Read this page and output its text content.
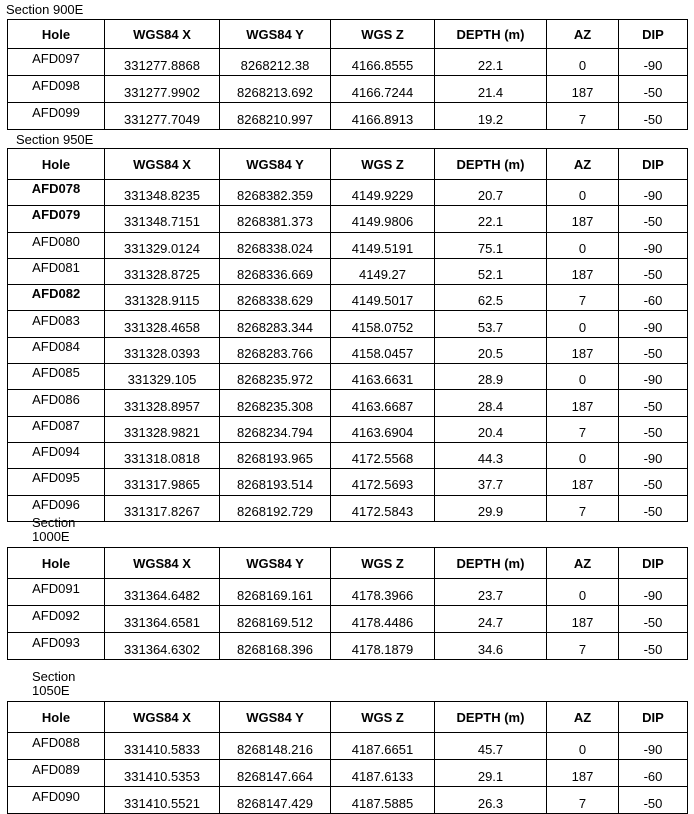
Section 900E
Hole	WGS84 X	WGS84 Y	WGS Z	DEPTH (m)	AZ	DIP
AFD097	331277.8868	8268212.38	4166.8555	22.1	0	-90
AFD098	331277.9902	8268213.692	4166.7244	21.4	187	-50
AFD099	331277.7049	8268210.997	4166.8913	19.2	7	-50
Section 950E
Hole	WGS84 X	WGS84 Y	WGS Z	DEPTH (m)	AZ	DIP
AFD078	331348.8235	8268382.359	4149.9229	20.7	0	-90
AFD079	331348.7151	8268381.373	4149.9806	22.1	187	-50
AFD080	331329.0124	8268338.024	4149.5191	75.1	0	-90
AFD081	331328.8725	8268336.669	4149.27	52.1	187	-50
AFD082	331328.9115	8268338.629	4149.5017	62.5	7	-60
AFD083	331328.4658	8268283.344	4158.0752	53.7	0	-90
AFD084	331328.0393	8268283.766	4158.0457	20.5	187	-50
AFD085	331329.105	8268235.972	4163.6631	28.9	0	-90
AFD086	331328.8957	8268235.308	4163.6687	28.4	187	-50
AFD087	331328.9821	8268234.794	4163.6904	20.4	7	-50
AFD094	331318.0818	8268193.965	4172.5568	44.3	0	-90
AFD095	331317.9865	8268193.514	4172.5693	37.7	187	-50
AFD096	331317.8267	8268192.729	4172.5843	29.9	7	-50
Section
1000E
Hole	WGS84 X	WGS84 Y	WGS Z	DEPTH (m)	AZ	DIP
AFD091	331364.6482	8268169.161	4178.3966	23.7	0	-90
AFD092	331364.6581	8268169.512	4178.4486	24.7	187	-50
AFD093	331364.6302	8268168.396	4178.1879	34.6	7	-50
Section
1050E
Hole	WGS84 X	WGS84 Y	WGS Z	DEPTH (m)	AZ	DIP
AFD088	331410.5833	8268148.216	4187.6651	45.7	0	-90
AFD089	331410.5353	8268147.664	4187.6133	29.1	187	-60
AFD090	331410.5521	8268147.429	4187.5885	26.3	7	-50
